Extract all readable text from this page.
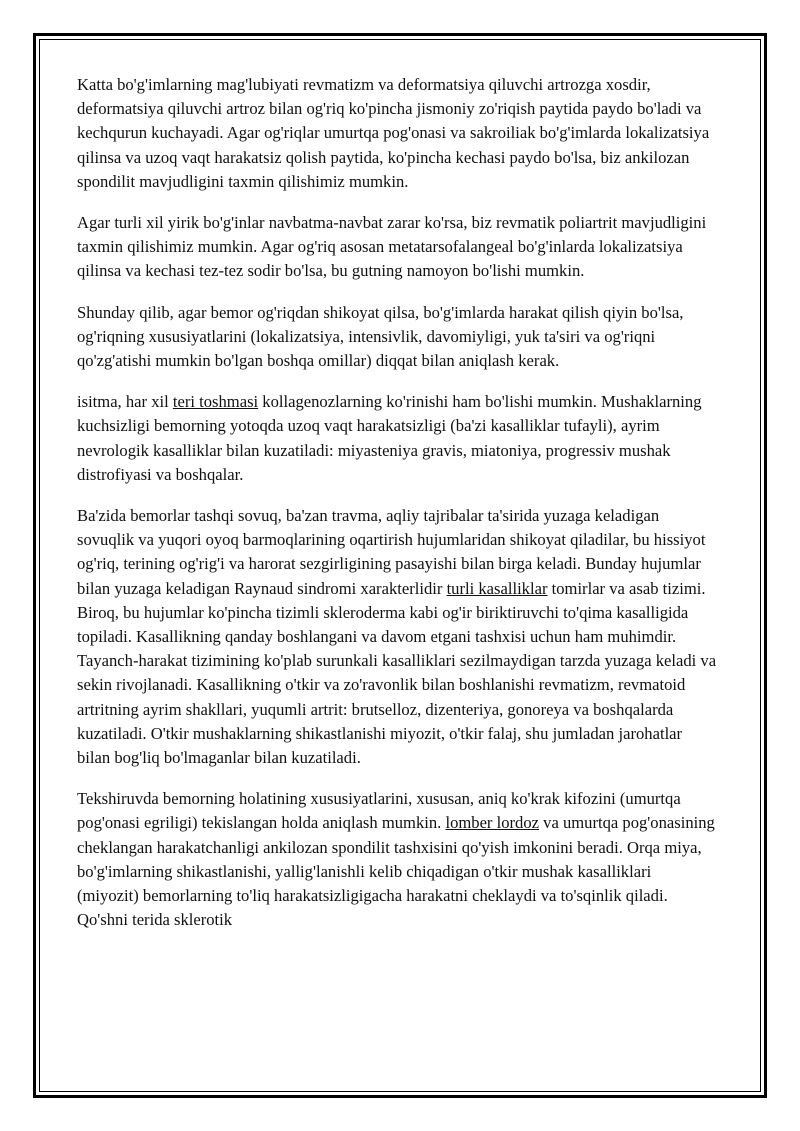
Katta bo'g'imlarning mag'lubiyati revmatizm va deformatsiya qiluvchi artrozga xosdir, deformatsiya qiluvchi artroz bilan og'riq ko'pincha jismoniy zo'riqish paytida paydo bo'ladi va kechqurun kuchayadi. Agar og'riqlar umurtqa pog'onasi va sakroiliak bo'g'imlarda lokalizatsiya qilinsa va uzoq vaqt harakatsiz qolish paytida, ko'pincha kechasi paydo bo'lsa, biz ankilozan spondilit mavjudligini taxmin qilishimiz mumkin.

Agar turli xil yirik bo'g'inlar navbatma-navbat zarar ko'rsa, biz revmatik poliartrit mavjudligini taxmin qilishimiz mumkin. Agar og'riq asosan metatarsofalangeal bo'g'inlarda lokalizatsiya qilinsa va kechasi tez-tez sodir bo'lsa, bu gutning namoyon bo'lishi mumkin.

Shunday qilib, agar bemor og'riqdan shikoyat qilsa, bo'g'imlarda harakat qilish qiyin bo'lsa, og'riqning xususiyatlarini (lokalizatsiya, intensivlik, davomiyligi, yuk ta'siri va og'riqni qo'zg'atishi mumkin bo'lgan boshqa omillar) diqqat bilan aniqlash kerak.

isitma, har xil teri toshmasi kollagenozlarning ko'rinishi ham bo'lishi mumkin. Mushaklarning kuchsizligi bemorning yotoqda uzoq vaqt harakatsizligi (ba'zi kasalliklar tufayli), ayrim nevrologik kasalliklar bilan kuzatiladi: miyasteniya gravis, miatoniya, progressiv mushak distrofiyasi va boshqalar.

Ba'zida bemorlar tashqi sovuq, ba'zan travma, aqliy tajribalar ta'sirida yuzaga keladigan sovuqlik va yuqori oyoq barmoqlarining oqartirish hujumlaridan shikoyat qiladilar, bu hissiyot og'riq, terining og'rig'i va harorat sezgirligining pasayishi bilan birga keladi. Bunday hujumlar bilan yuzaga keladigan Raynaud sindromi xarakterlidir turli kasalliklar tomirlar va asab tizimi. Biroq, bu hujumlar ko'pincha tizimli skleroderma kabi og'ir biriktiruvchi to'qima kasalligida topiladi. Kasallikning qanday boshlangani va davom etgani tashxisi uchun ham muhimdir. Tayanch-harakat tizimining ko'plab surunkali kasalliklari sezilmaydigan tarzda yuzaga keladi va sekin rivojlanadi. Kasallikning o'tkir va zo'ravonlik bilan boshlanishi revmatizm, revmatoid artritning ayrim shakllari, yuqumli artrit: brutselloz, dizenteriya, gonoreya va boshqalarda kuzatiladi. O'tkir mushaklarning shikastlanishi miyozit, o'tkir falaj, shu jumladan jarohatlar bilan bog'liq bo'lmaganlar bilan kuzatiladi.

Tekshiruvda bemorning holatining xususiyatlarini, xususan, aniq ko'krak kifozini (umurtqa pog'onasi egriligi) tekislangan holda aniqlash mumkin. lomber lordoz va umurtqa pog'onasining cheklangan harakatchanligi ankilozan spondilit tashxisini qo'yish imkonini beradi. Orqa miya, bo'g'imlarning shikastlanishi, yallig'lanishli kelib chiqadigan o'tkir mushak kasalliklari (miyozit) bemorlarning to'liq harakatsizligigacha harakatni cheklaydi va to'sqinlik qiladi. Qo'shni terida sklerotik
